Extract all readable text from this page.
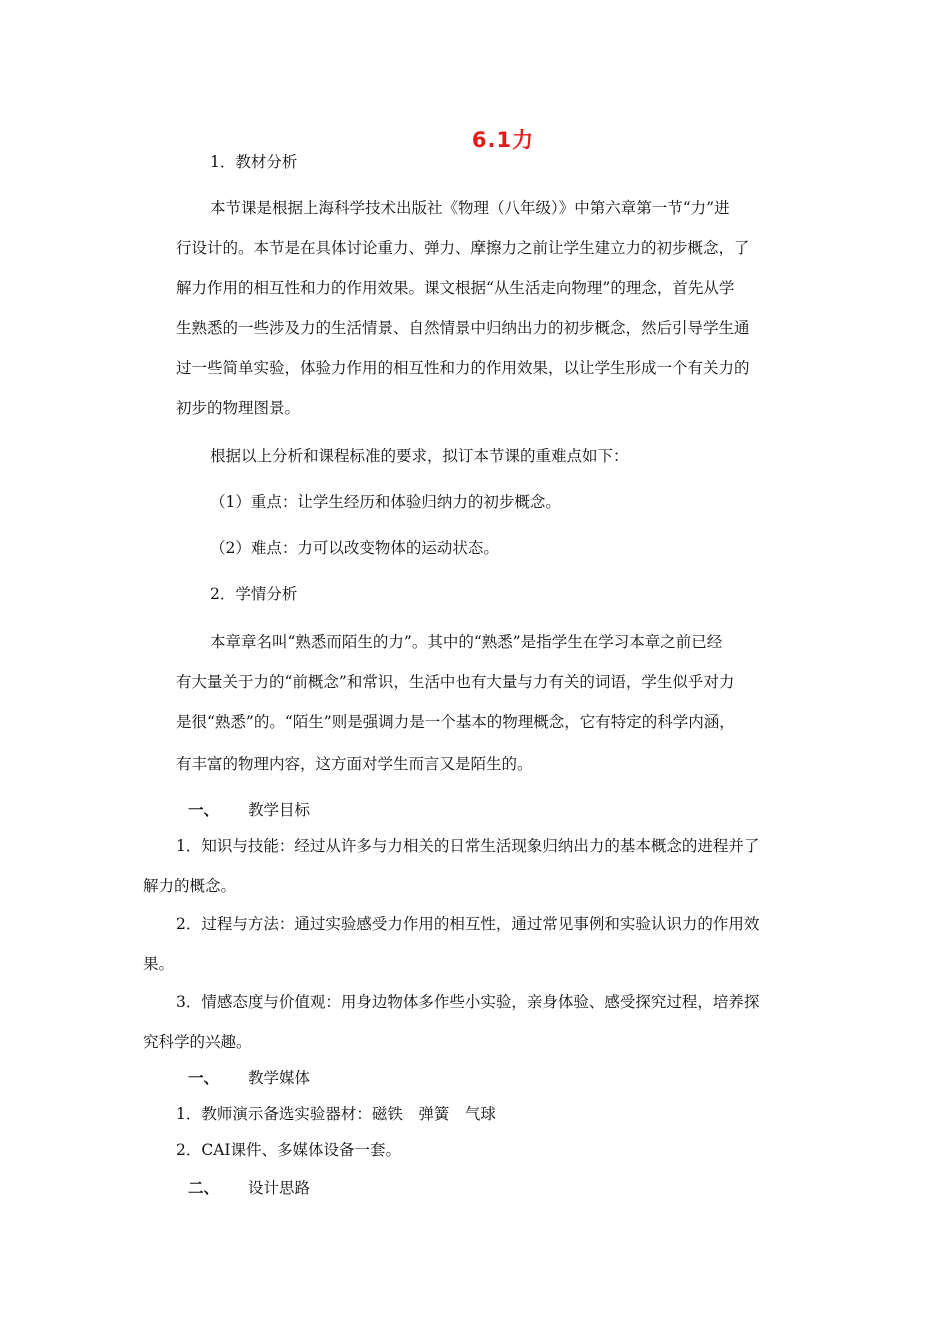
6.1力
1．教材分析
本节课是根据上海科学技术出版社《物理（八年级）》中第六章第一节“力”进
行设计的。本节是在具体讨论重力、弹力、摩擦力之前让学生建立力的初步概念，了
解力作用的相互性和力的作用效果。课文根据“从生活走向物理”的理念，首先从学
生熟悉的一些涉及力的生活情景、自然情景中归纳出力的初步概念，然后引导学生通
过一些简单实验，体验力作用的相互性和力的作用效果，以让学生形成一个有关力的
初步的物理图景。
根据以上分析和课程标准的要求，拟订本节课的重难点如下：
（1）重点：让学生经历和体验归纳力的初步概念。
（2）难点：力可以改变物体的运动状态。
2．学情分析
本章章名叫“熟悉而陌生的力”。其中的“熟悉”是指学生在学习本章之前已经
有大量关于力的“前概念”和常识，生活中也有大量与力有关的词语，学生似乎对力
是很“熟悉”的。“陌生”则是强调力是一个基本的物理概念，它有特定的科学内涵，
有丰富的物理内容，这方面对学生而言又是陌生的。
一、 教学目标
1．知识与技能：经过从许多与力相关的日常生活现象归纳出力的基本概念的进程并了
解力的概念。
2．过程与方法：通过实验感受力作用的相互性，通过常见事例和实验认识力的作用效
果。
3．情感态度与价值观：用身边物体多作些小实验，亲身体验、感受探究过程，培养探
究科学的兴趣。
一、 教学媒体
1．教师演示备选实验器材：磁铁　弹簧　气球
2．CAI课件、多媒体设备一套。
二、 设计思路
